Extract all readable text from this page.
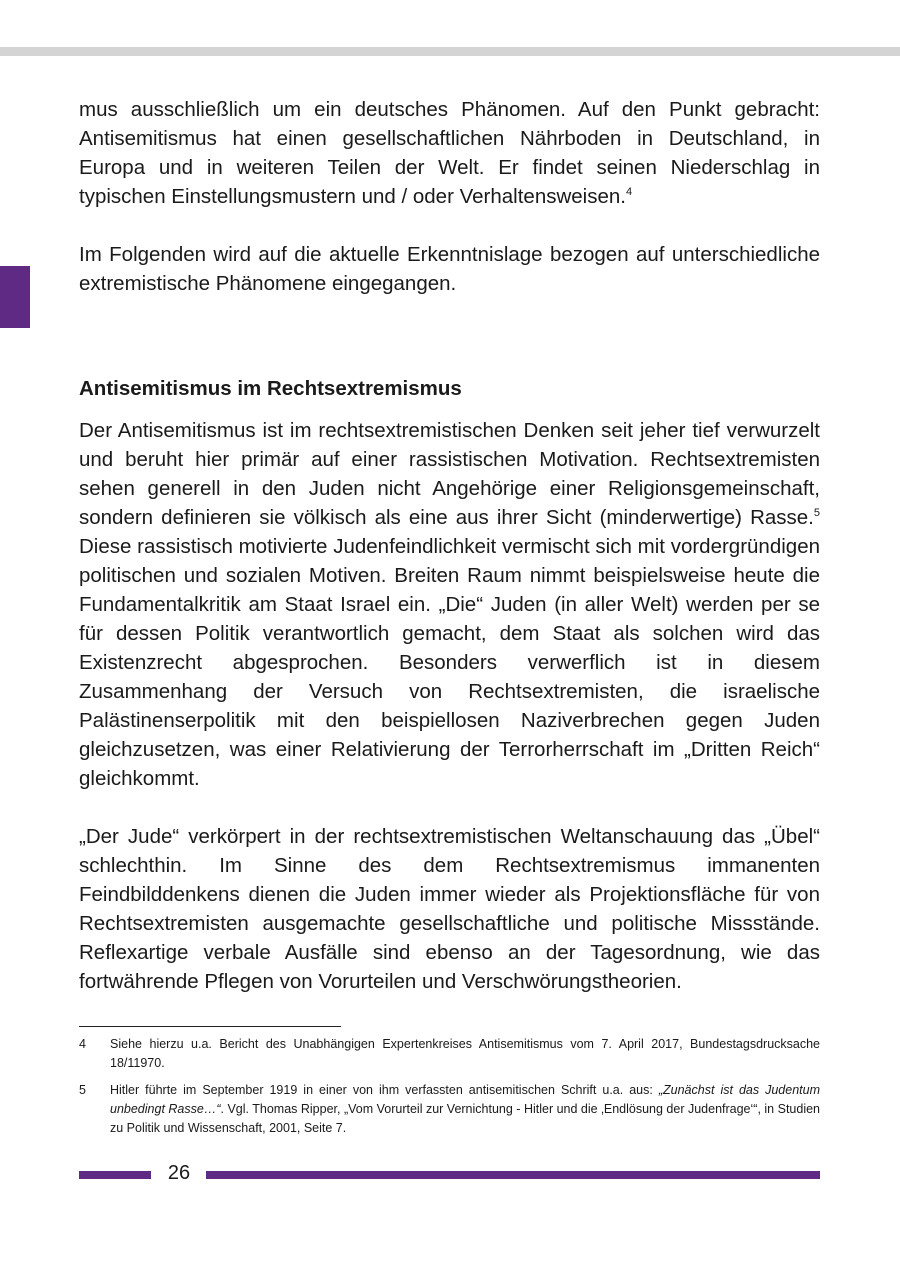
mus ausschließlich um ein deutsches Phänomen. Auf den Punkt gebracht: Antisemitismus hat einen gesellschaftlichen Nährboden in Deutschland, in Europa und in weiteren Teilen der Welt. Er findet seinen Niederschlag in typischen Einstellungsmustern und / oder Verhaltensweisen.$^4$

Im Folgenden wird auf die aktuelle Erkenntnislage bezogen auf unterschiedliche extremistische Phänomene eingegangen.

Antisemitismus im Rechtsextremismus

Der Antisemitismus ist im rechtsextremistischen Denken seit jeher tief verwurzelt und beruht hier primär auf einer rassistischen Motivation. Rechtsextremisten sehen generell in den Juden nicht Angehörige einer Religionsgemeinschaft, sondern definieren sie völkisch als eine aus ihrer Sicht (minderwertige) Rasse.$^5$ Diese rassistisch motivierte Judenfeindlichkeit vermischt sich mit vordergründigen politischen und sozialen Motiven. Breiten Raum nimmt beispielsweise heute die Fundamentalkritik am Staat Israel ein. „Die“ Juden (in aller Welt) werden per se für dessen Politik verantwortlich gemacht, dem Staat als solchen wird das Existenzrecht abgesprochen. Besonders verwerflich ist in diesem Zusammenhang der Versuch von Rechtsextremisten, die israelische Palästinenserpolitik mit den beispiellosen Naziverbrechen gegen Juden gleichzusetzen, was einer Relativierung der Terrorherrschaft im „Dritten Reich“ gleichkommt.

„Der Jude“ verkörpert in der rechtsextremistischen Weltanschauung das „Übel“ schlechthin. Im Sinne des dem Rechtsextremismus immanenten Feindbilddenkens dienen die Juden immer wieder als Projektionsfläche für von Rechtsextremisten ausgemachte gesellschaftliche und politische Missstände. Reflexartige verbale Ausfälle sind ebenso an der Tagesordnung, wie das fortwährende Pflegen von Vorurteilen und Verschwörungstheorien.

4	Siehe hierzu u.a. Bericht des Unabhängigen Expertenkreises Antisemitismus vom 7. April 2017, Bundestagsdrucksache 18/11970.
5	Hitler führte im September 1919 in einer von ihm verfassten antisemitischen Schrift u.a. aus: „Zunächst ist das Judentum unbedingt Rasse…“. Vgl. Thomas Ripper, „Vom Vorurteil zur Vernichtung - Hitler und die ‚Endlösung der Judenfrage‘“, in Studien zu Politik und Wissenschaft, 2001, Seite 7.
26
